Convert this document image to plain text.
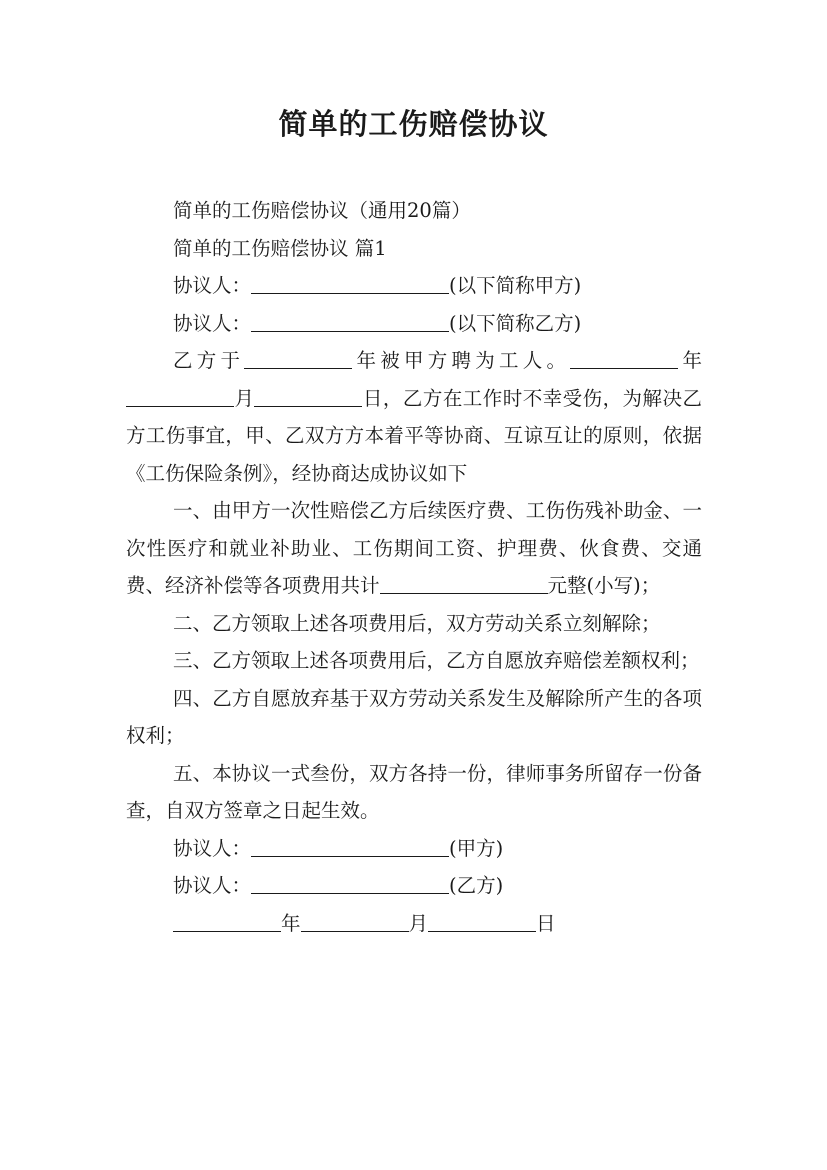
简单的工伤赔偿协议

简单的工伤赔偿协议（通用20篇）

简单的工伤赔偿协议 篇1

协议人：	(以下简称甲方)

协议人：	(以下简称乙方)

乙方于	年被甲方聘为工人。	年月	日，乙方在工作时不幸受伤，为解决乙方工伤事宜，甲、乙双方方本着平等协商、互谅互让的原则，依据《工伤保险条例》，经协商达成协议如下

一、由甲方一次性赔偿乙方后续医疗费、工伤伤残补助金、一次性医疗和就业补助业、工伤期间工资、护理费、伙食费、交通费、经济补偿等各项费用共计	元整(小写)；

二、乙方领取上述各项费用后，双方劳动关系立刻解除；

三、乙方领取上述各项费用后，乙方自愿放弃赔偿差额权利；

四、乙方自愿放弃基于双方劳动关系发生及解除所产生的各项权利；

五、本协议一式叁份，双方各持一份，律师事务所留存一份备查，自双方签章之日起生效。

协议人：	(甲方)

协议人：	(乙方)

年	月	日
